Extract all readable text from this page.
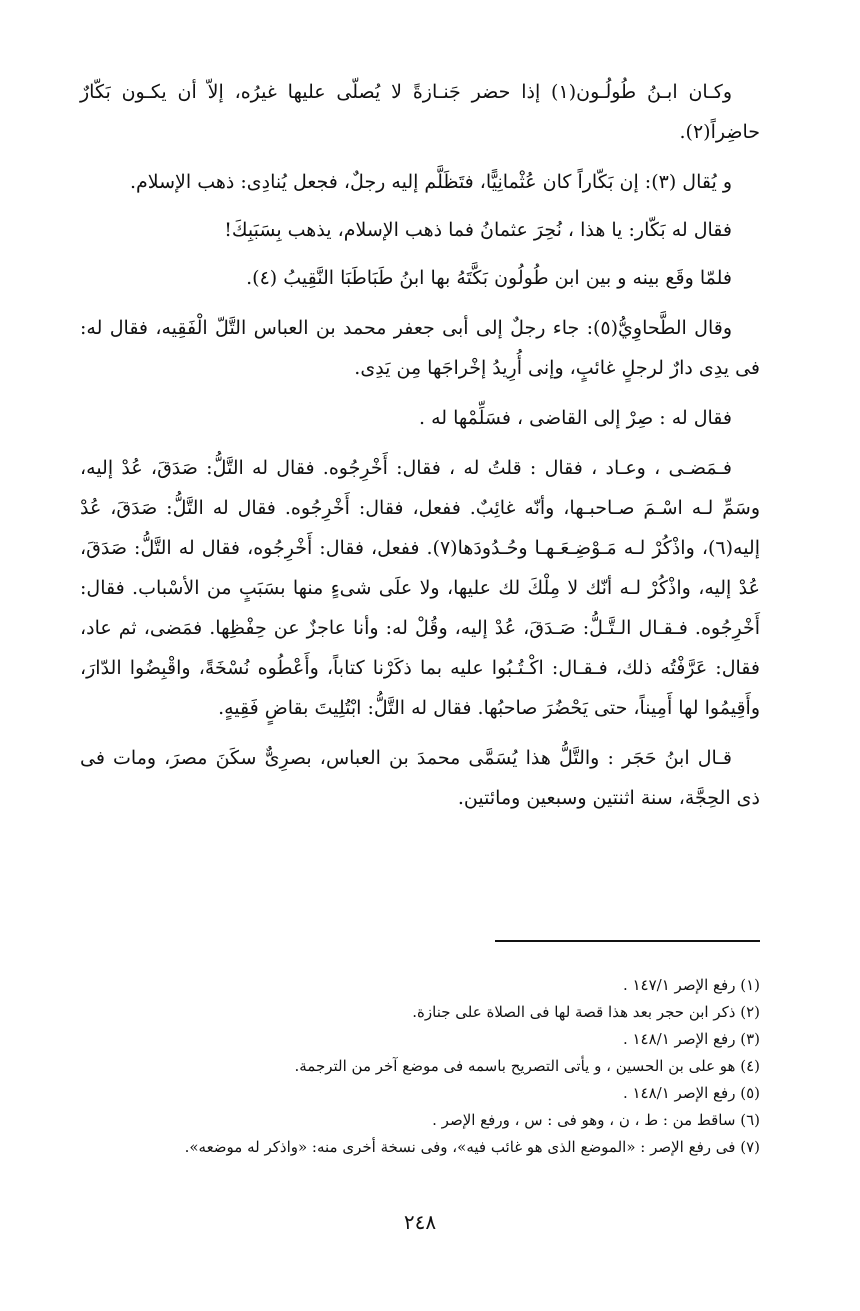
وكـان ابـنُ طُولُـون(١) إذا حضر جَنـازةً لا يُصلّى عليها غيرُه، إلاّ أن يكـون بَكّارٌ حاضِراً(٢).

و يُقال (٣): إن بَكّاراً كان عُثْمانِيًّا، فتَظَلَّم إليه رجلٌ، فجعل يُنادِى: ذهب الإسلام.

فقال له بَكّار: يا هذا ، نُحِرَ عثمانُ فما ذهب الإسلام، يذهب بِسَبَبِكَ!

فلمّا وقَع بينه و بين ابن طُولُون بَكَّتَهُ بها ابنُ طَبَاطَبَا النَّقِيبُ (٤).

وقال الطَّحاوِيُّ(٥): جاء رجلٌ إلى أبى جعفر محمد بن العباس التَّلّ الْفَقِيه، فقال له: فى يدِى دارٌ لرجلٍ غائبٍ، وإنى أُرِيدُ إخْراجَها مِن يَدِى.

فقال له : صِرْ إلى القاضى ، فسَلِّمْها له .

فـمَضـى ، وعـاد ، فقال : قلتُ له ، فقال: أَخْرِجُوه. فقال له التَّلُّ: صَدَقَ، عُدْ إليه، وسَمِّ لـه اسْـمَ صـاحبـها، وأنّه غائِبٌ. ففعل، فقال: أَخْرِجُوه. فقال له التَّلُّ: صَدَقَ، عُدْ إليه(٦)، واذْكُرْ لـه مَـوْضِـعَـهـا وحُـدُودَها(٧). ففعل، فقال: أَخْرِجُوه، فقال له التَّلُّ: صَدَقَ، عُدْ إليه، واذْكُرْ لـه أنّك لا مِلْكَ لك عليها، ولا علَى شىءٍ منها بسَبَبٍ من الأسْباب. فقال: أَخْرِجُوه. فـقـال الـتَّـلُّ: صَـدَقَ، عُدْ إليه، وقُلْ له: وأنا عاجزٌ عن حِفْظِها. فمَضى، ثم عاد، فقال: عَرَّفْتُه ذلك، فـقـال: اكْـتُـبُوا عليه بما ذكَرْنا كتاباً، وأَعْطُوه نُسْخَةً، واقْبِضُوا الدّارَ، وأَقِيمُوا لها أَمِيناً، حتى يَحْضُرَ صاحبُها. فقال له التَّلُّ: ابْتُلِيتَ بقاضٍ فَقِيهٍ.

قـال ابنُ حَجَر : والتَّلُّ هذا يُسَمَّى محمدَ بن العباس، بصرِىٌّ سكَنَ مصرَ، ومات فى ذى الحِجَّة، سنة اثنتين وسبعين ومائتين.

(١) رفع الإصر ١٤٧/١ .

(٢) ذكر ابن حجر بعد هذا قصة لها فى الصلاة على جنازة.

(٣) رفع الإصر ١٤٨/١ .

(٤) هو على بن الحسين ، و يأتى التصريح باسمه فى موضع آخر من الترجمة.

(٥) رفع الإصر ١٤٨/١ .

(٦) ساقط من : ط ، ن ، وهو فى : س ، ورفع الإصر .

(٧) فى رفع الإصر : «الموضع الذى هو غائب فيه»، وفى نسخة أخرى منه: «واذكر له موضعه».

٢٤٨
